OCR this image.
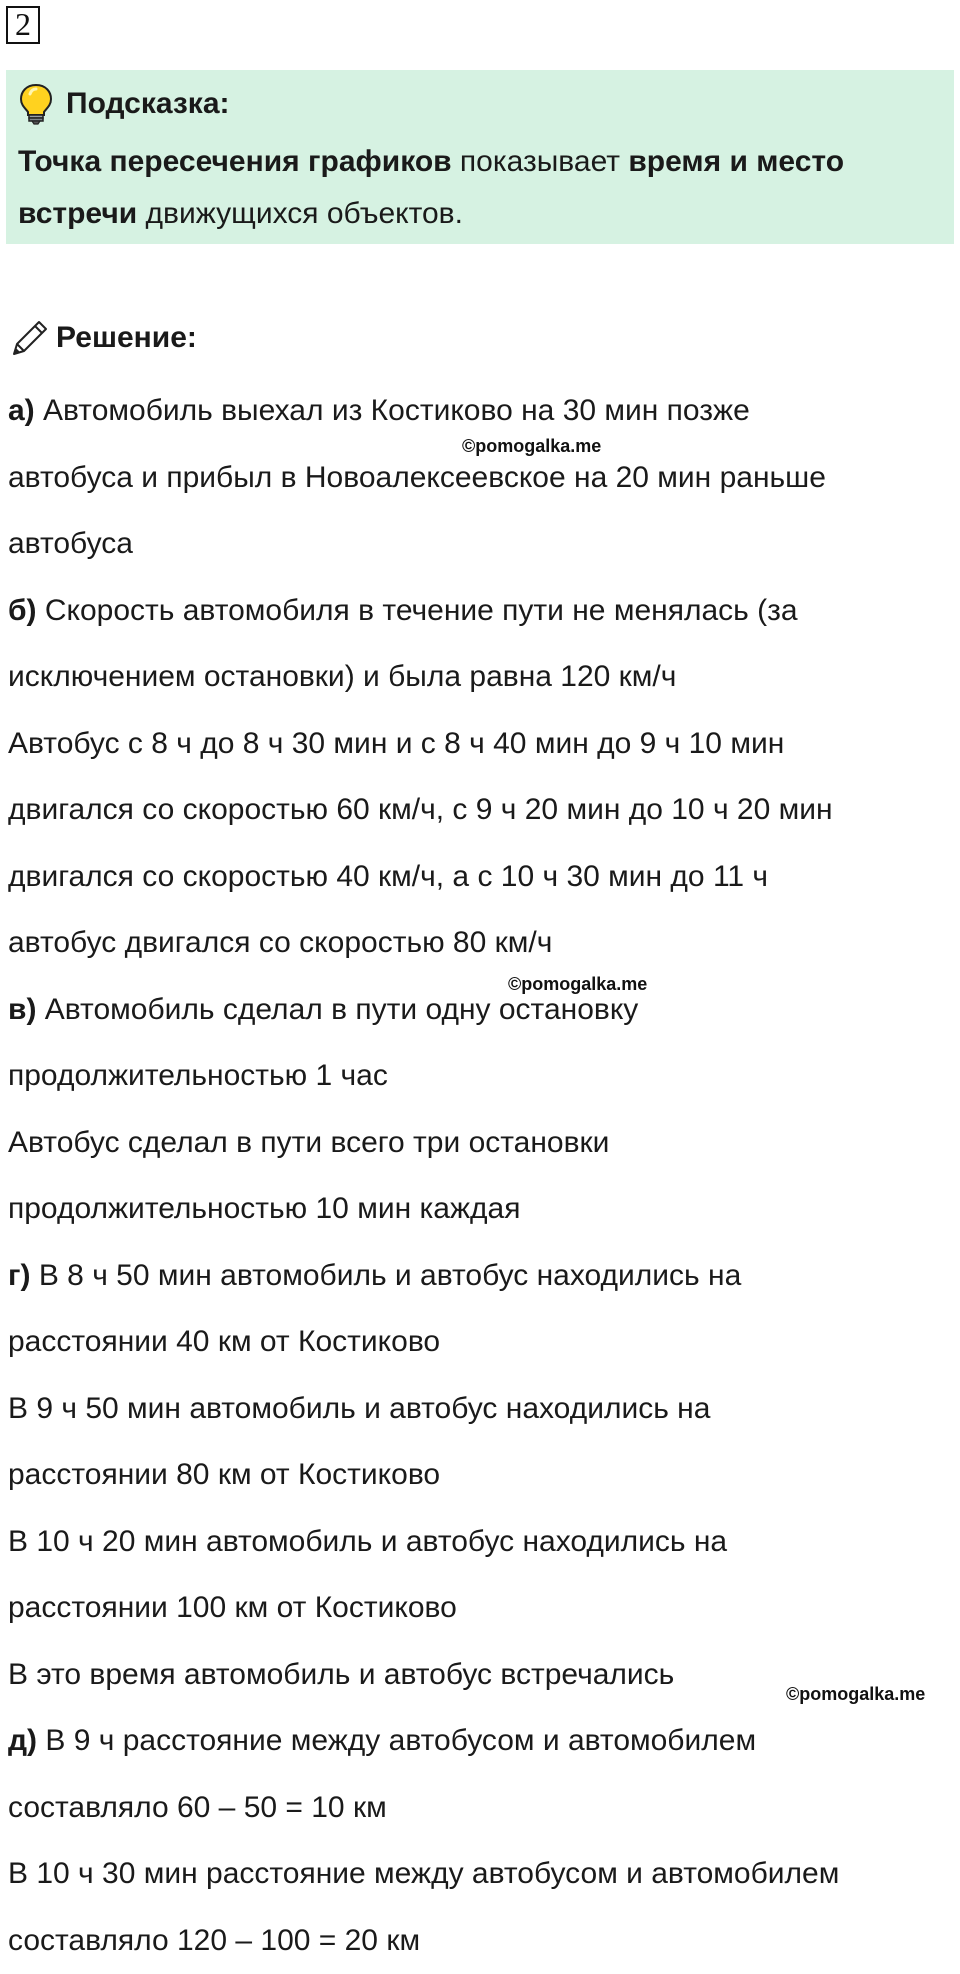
2
Подсказка:
Точка пересечения графиков показывает время и место
встречи движущихся объектов.
Решение:
а) Автомобиль выехал из Костиково на 30 мин позже
автобуса и прибыл в Новоалексеевское на 20 мин раньше
автобуса
б) Скорость автомобиля в течение пути не менялась (за
исключением остановки) и была равна 120 км/ч
Автобус с 8 ч до 8 ч 30 мин и с 8 ч 40 мин до 9 ч 10 мин
двигался со скоростью 60 км/ч, с 9 ч 20 мин до 10 ч 20 мин
двигался со скоростью 40 км/ч, а с 10 ч 30 мин до 11 ч
автобус двигался со скоростью 80 км/ч
в) Автомобиль сделал в пути одну остановку
продолжительностью 1 час
Автобус сделал в пути всего три остановки
продолжительностью 10 мин каждая
г) В 8 ч 50 мин автомобиль и автобус находились на
расстоянии 40 км от Костиково
В 9 ч 50 мин автомобиль и автобус находились на
расстоянии 80 км от Костиково
В 10 ч 20 мин автомобиль и автобус находились на
расстоянии 100 км от Костиково
В это время автомобиль и автобус встречались
д) В 9 ч расстояние между автобусом и автомобилем
составляло 60 – 50 = 10 км
В 10 ч 30 мин расстояние между автобусом и автомобилем
составляло 120 – 100 = 20 км
©pomogalka.me
©pomogalka.me
©pomogalka.me
